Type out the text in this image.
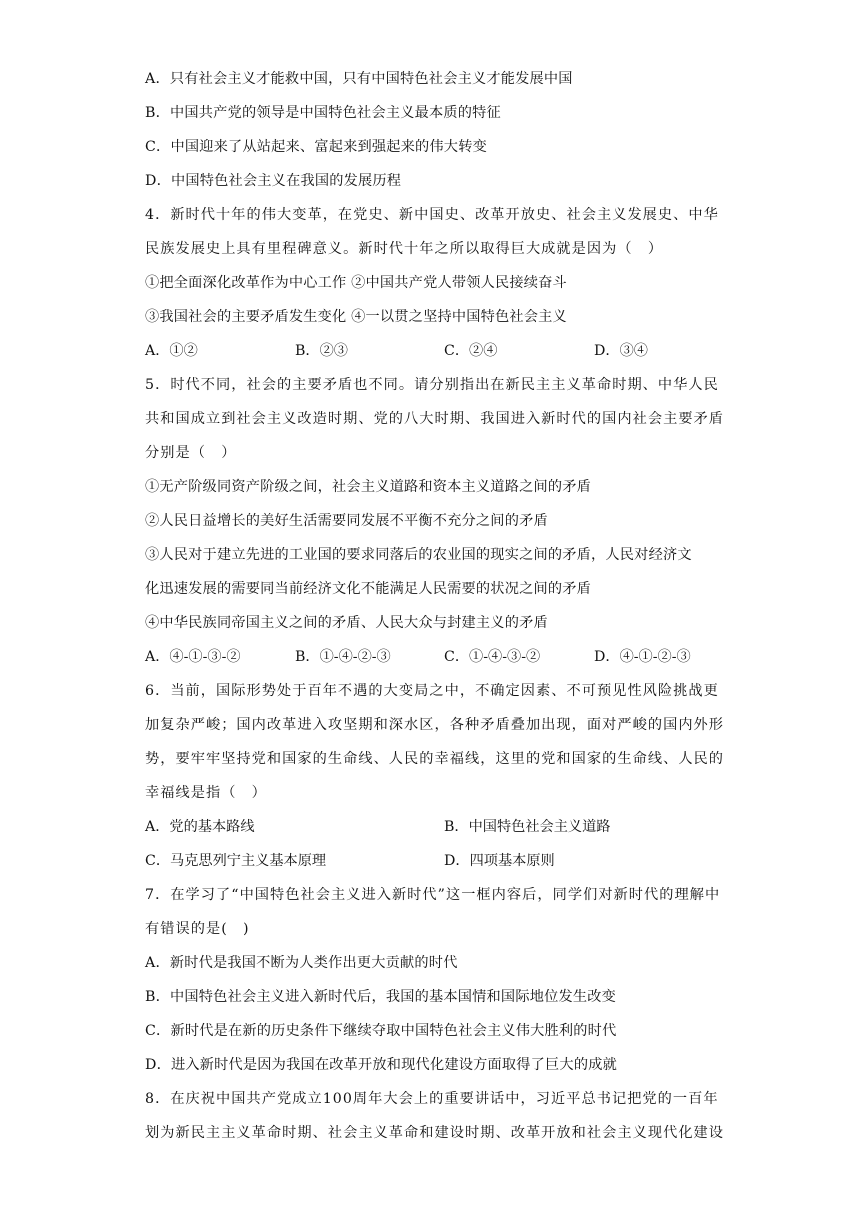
A．只有社会主义才能救中国，只有中国特色社会主义才能发展中国
B．中国共产党的领导是中国特色社会主义最本质的特征
C．中国迎来了从站起来、富起来到强起来的伟大转变
D．中国特色社会主义在我国的发展历程
4．新时代十年的伟大变革，在党史、新中国史、改革开放史、社会主义发展史、中华
民族发展史上具有里程碑意义。新时代十年之所以取得巨大成就是因为（　）
①把全面深化改革作为中心工作 ②中国共产党人带领人民接续奋斗
③我国社会的主要矛盾发生变化 ④一以贯之坚持中国特色社会主义
A．①②	B．②③	C．②④	D．③④
5．时代不同，社会的主要矛盾也不同。请分别指出在新民主主义革命时期、中华人民
共和国成立到社会主义改造时期、党的八大时期、我国进入新时代的国内社会主要矛盾
分别是（　）
①无产阶级同资产阶级之间，社会主义道路和资本主义道路之间的矛盾
②人民日益增长的美好生活需要同发展不平衡不充分之间的矛盾
③人民对于建立先进的工业国的要求同落后的农业国的现实之间的矛盾，人民对经济文
化迅速发展的需要同当前经济文化不能满足人民需要的状况之间的矛盾
④中华民族同帝国主义之间的矛盾、人民大众与封建主义的矛盾
A．④-①-③-②	B．①-④-②-③	C．①-④-③-②	D．④-①-②-③
6．当前，国际形势处于百年不遇的大变局之中，不确定因素、不可预见性风险挑战更
加复杂严峻；国内改革进入攻坚期和深水区，各种矛盾叠加出现，面对严峻的国内外形
势，要牢牢坚持党和国家的生命线、人民的幸福线，这里的党和国家的生命线、人民的
幸福线是指（　）
A．党的基本路线	B．中国特色社会主义道路
C．马克思列宁主义基本原理	D．四项基本原则
7．在学习了“中国特色社会主义进入新时代”这一框内容后，同学们对新时代的理解中
有错误的是(　)
A．新时代是我国不断为人类作出更大贡献的时代
B．中国特色社会主义进入新时代后，我国的基本国情和国际地位发生改变
C．新时代是在新的历史条件下继续夺取中国特色社会主义伟大胜利的时代
D．进入新时代是因为我国在改革开放和现代化建设方面取得了巨大的成就
8．在庆祝中国共产党成立100周年大会上的重要讲话中，习近平总书记把党的一百年
划为新民主主义革命时期、社会主义革命和建设时期、改革开放和社会主义现代化建设
